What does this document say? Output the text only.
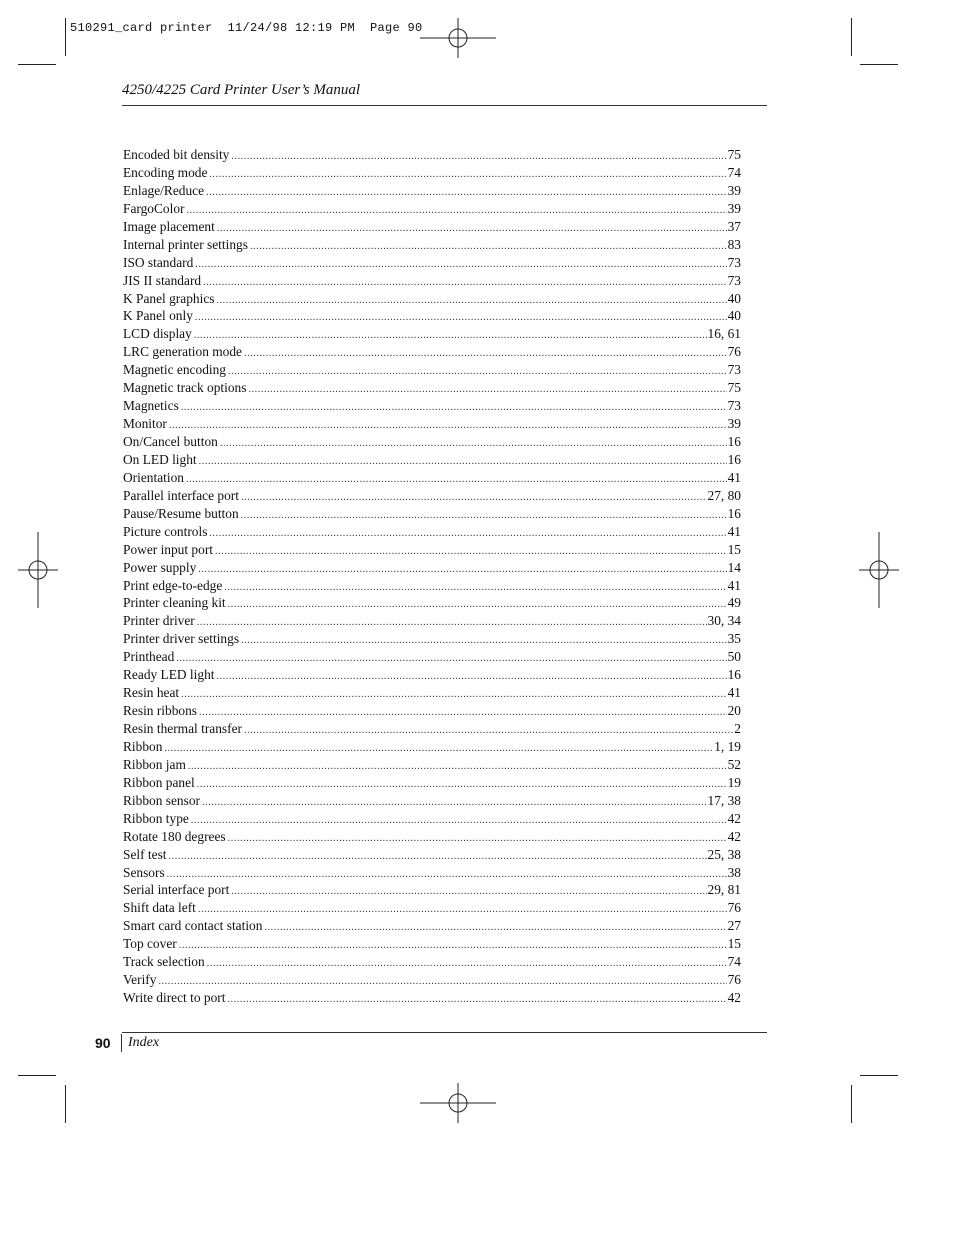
510291_card printer  11/24/98 12:19 PM  Page 90
4250/4225 Card Printer User’s Manual
Encoded bit density .....	75
Encoding mode .....	74
Enlage/Reduce .....	39
FargoColor .....	39
Image placement .....	37
Internal printer settings .....	83
ISO standard .....	73
JIS II standard .....	73
K Panel graphics .....	40
K Panel only .....	40
LCD display .....	16, 61
LRC generation mode .....	76
Magnetic encoding .....	73
Magnetic track options .....	75
Magnetics .....	73
Monitor .....	39
On/Cancel button .....	16
On LED light .....	16
Orientation .....	41
Parallel interface port .....	27, 80
Pause/Resume button .....	16
Picture controls .....	41
Power input port .....	15
Power supply .....	14
Print edge-to-edge .....	41
Printer cleaning kit .....	49
Printer driver .....	30, 34
Printer driver settings .....	35
Printhead .....	50
Ready LED light .....	16
Resin heat .....	41
Resin ribbons .....	20
Resin thermal transfer .....	2
Ribbon .....	1, 19
Ribbon jam .....	52
Ribbon panel .....	19
Ribbon sensor .....	17, 38
Ribbon type .....	42
Rotate 180 degrees .....	42
Self test .....	25, 38
Sensors .....	38
Serial interface port .....	29, 81
Shift data left .....	76
Smart card contact station .....	27
Top cover .....	15
Track selection .....	74
Verify .....	76
Write direct to port .....	42
90 Index
